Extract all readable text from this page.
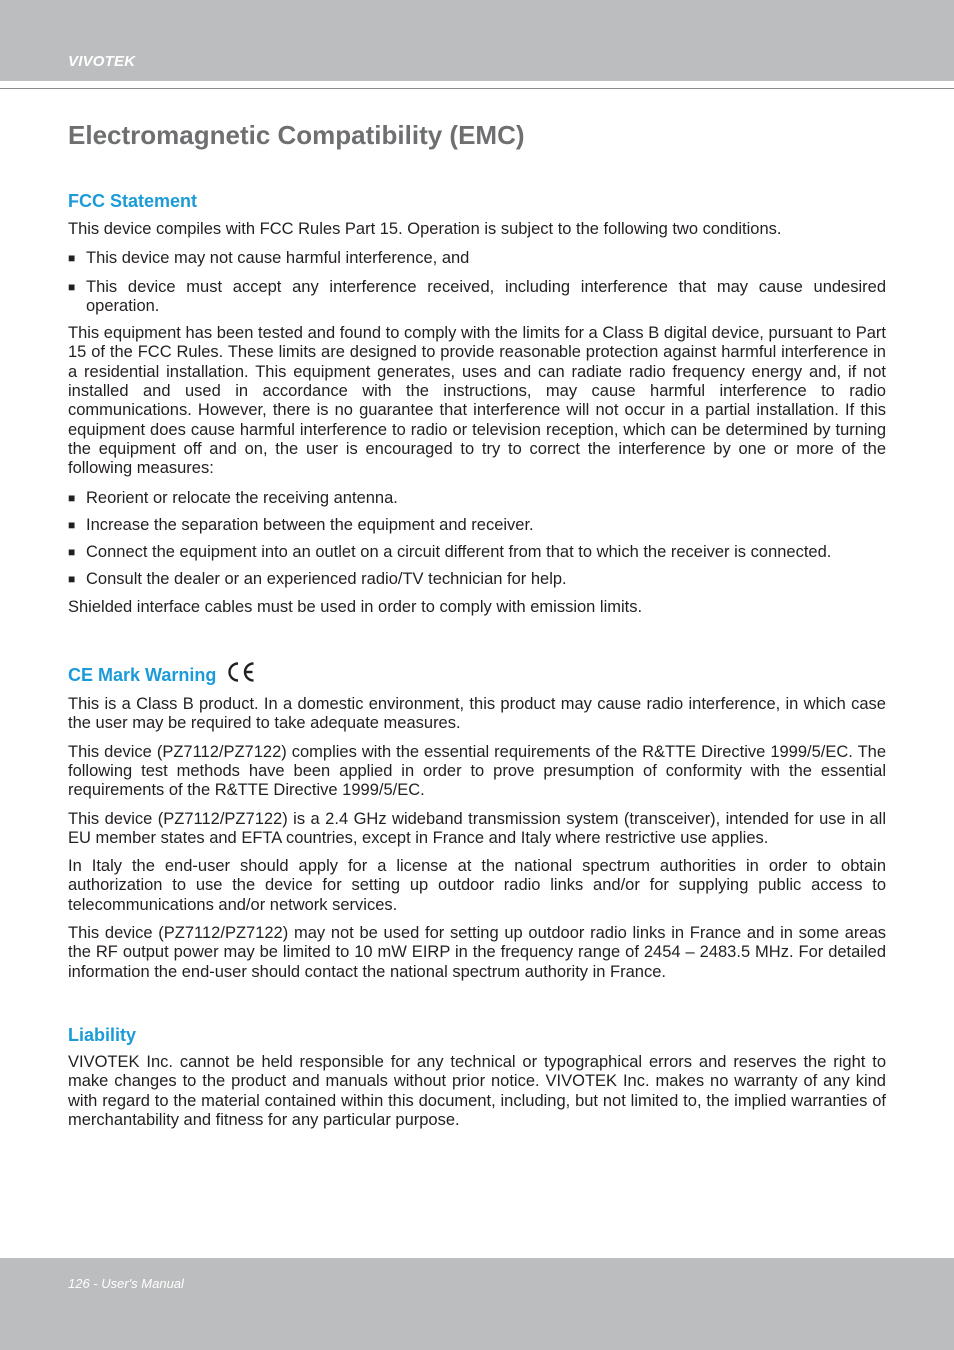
VIVOTEK
Electromagnetic Compatibility (EMC)
FCC Statement

This device compiles with FCC Rules Part 15. Operation is subject to the following two conditions.

■ This device may not cause harmful interference, and
■ This device must accept any interference received, including interference that may cause undesired operation.

This equipment has been tested and found to comply with the limits for a Class B digital device, pursuant to Part 15 of the FCC Rules. These limits are designed to provide reasonable protection against harmful interference in a residential installation. This equipment generates, uses and can radiate radio frequency energy and, if not installed and used in accordance with the instructions, may cause harmful interference to radio communications. However, there is no guarantee that interference will not occur in a partial installation. If this equipment does cause harmful interference to radio or television reception, which can be determined by turning the equipment off and on, the user is encouraged to try to correct the interference by one or more of the following measures:

■ Reorient or relocate the receiving antenna.
■ Increase the separation between the equipment and receiver.
■ Connect the equipment into an outlet on a circuit different from that to which the receiver is connected.
■ Consult the dealer or an experienced radio/TV technician for help.

Shielded interface cables must be used in order to comply with emission limits.

CE Mark Warning

This is a Class B product. In a domestic environment, this product may cause radio interference, in which case the user may be required to take adequate measures.

This device (PZ7112/PZ7122) complies with the essential requirements of the R&TTE Directive 1999/5/EC. The following test methods have been applied in order to prove presumption of conformity with the essential requirements of the R&TTE Directive 1999/5/EC.

This device (PZ7112/PZ7122) is a 2.4 GHz wideband transmission system (transceiver), intended for use in all EU member states and EFTA countries, except in France and Italy where restrictive use applies.

In Italy the end-user should apply for a license at the national spectrum authorities in order to obtain authorization to use the device for setting up outdoor radio links and/or for supplying public access to telecommunications and/or network services.

This device (PZ7112/PZ7122) may not be used for setting up outdoor radio links in France and in some areas the RF output power may be limited to 10 mW EIRP in the frequency range of 2454 – 2483.5 MHz. For detailed information the end-user should contact the national spectrum authority in France.

Liability

VIVOTEK Inc. cannot be held responsible for any technical or typographical errors and reserves the right to make changes to the product and manuals without prior notice. VIVOTEK Inc. makes no warranty of any kind with regard to the material contained within this document, including, but not limited to, the implied warranties of merchantability and fitness for any particular purpose.

126 - User's Manual
